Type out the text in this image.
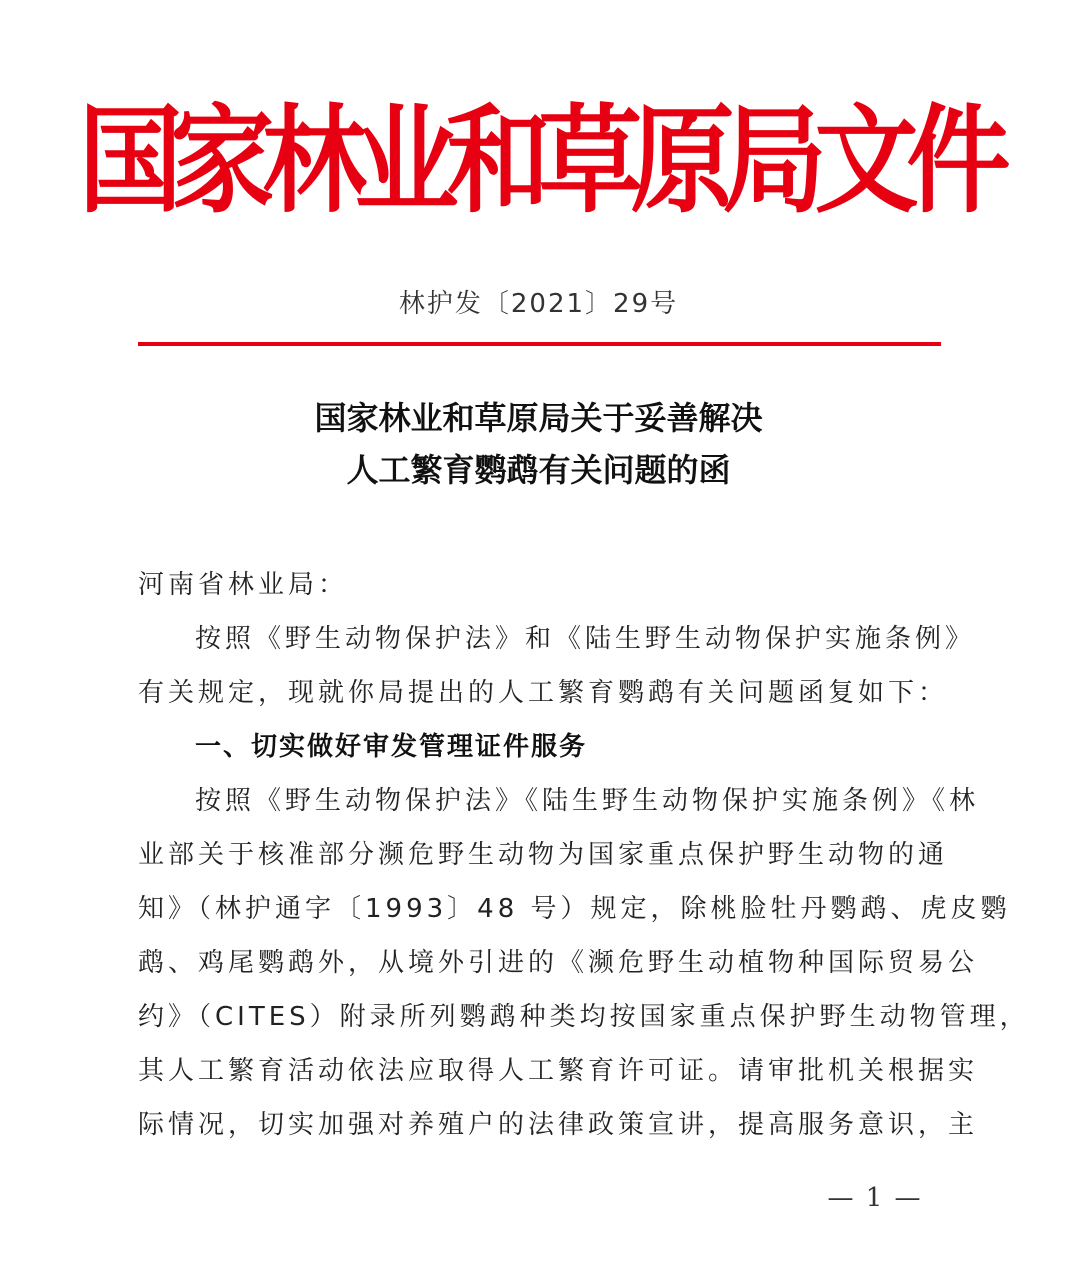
国家林业和草原局文件
林护发〔2021〕29号
国家林业和草原局关于妥善解决
人工繁育鹦鹉有关问题的函
河南省林业局：
按照《野生动物保护法》和《陆生野生动物保护实施条例》
有关规定，现就你局提出的人工繁育鹦鹉有关问题函复如下：
一、切实做好审发管理证件服务
按照《野生动物保护法》《陆生野生动物保护实施条例》《林
业部关于核准部分濒危野生动物为国家重点保护野生动物的通
知》（林护通字〔1993〕48 号）规定，除桃脸牡丹鹦鹉、虎皮鹦
鹉、鸡尾鹦鹉外，从境外引进的《濒危野生动植物种国际贸易公
约》（CITES）附录所列鹦鹉种类均按国家重点保护野生动物管理，
其人工繁育活动依法应取得人工繁育许可证。请审批机关根据实
际情况，切实加强对养殖户的法律政策宣讲，提高服务意识，主
— 1 —
